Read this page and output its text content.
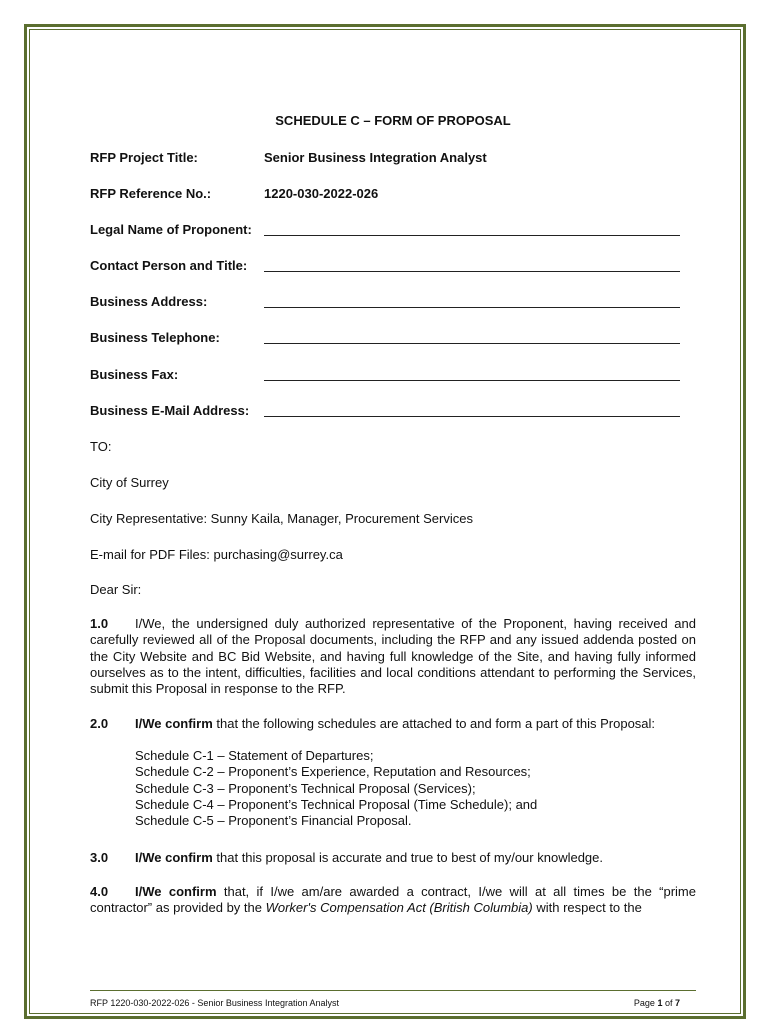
SCHEDULE C – FORM OF PROPOSAL
RFP Project Title:	Senior Business Integration Analyst
RFP Reference No.:	1220-030-2022-026
Legal Name of Proponent:
Contact Person and Title:
Business Address:
Business Telephone:
Business Fax:
Business E-Mail Address:
TO:
City of Surrey
City Representative: Sunny Kaila, Manager, Procurement Services
E-mail for PDF Files: purchasing@surrey.ca
Dear Sir:
1.0 I/We, the undersigned duly authorized representative of the Proponent, having received and carefully reviewed all of the Proposal documents, including the RFP and any issued addenda posted on the City Website and BC Bid Website, and having full knowledge of the Site, and having fully informed ourselves as to the intent, difficulties, facilities and local conditions attendant to performing the Services, submit this Proposal in response to the RFP.
2.0 I/We confirm that the following schedules are attached to and form a part of this Proposal:
Schedule C-1 – Statement of Departures;
Schedule C-2 – Proponent’s Experience, Reputation and Resources;
Schedule C-3 – Proponent’s Technical Proposal (Services);
Schedule C-4 – Proponent’s Technical Proposal (Time Schedule); and
Schedule C-5 – Proponent’s Financial Proposal.
3.0 I/We confirm that this proposal is accurate and true to best of my/our knowledge.
4.0 I/We confirm that, if I/we am/are awarded a contract, I/we will at all times be the “prime contractor” as provided by the Worker's Compensation Act (British Columbia) with respect to the
RFP 1220-030-2022-026 - Senior Business Integration Analyst	Page 1 of 7
